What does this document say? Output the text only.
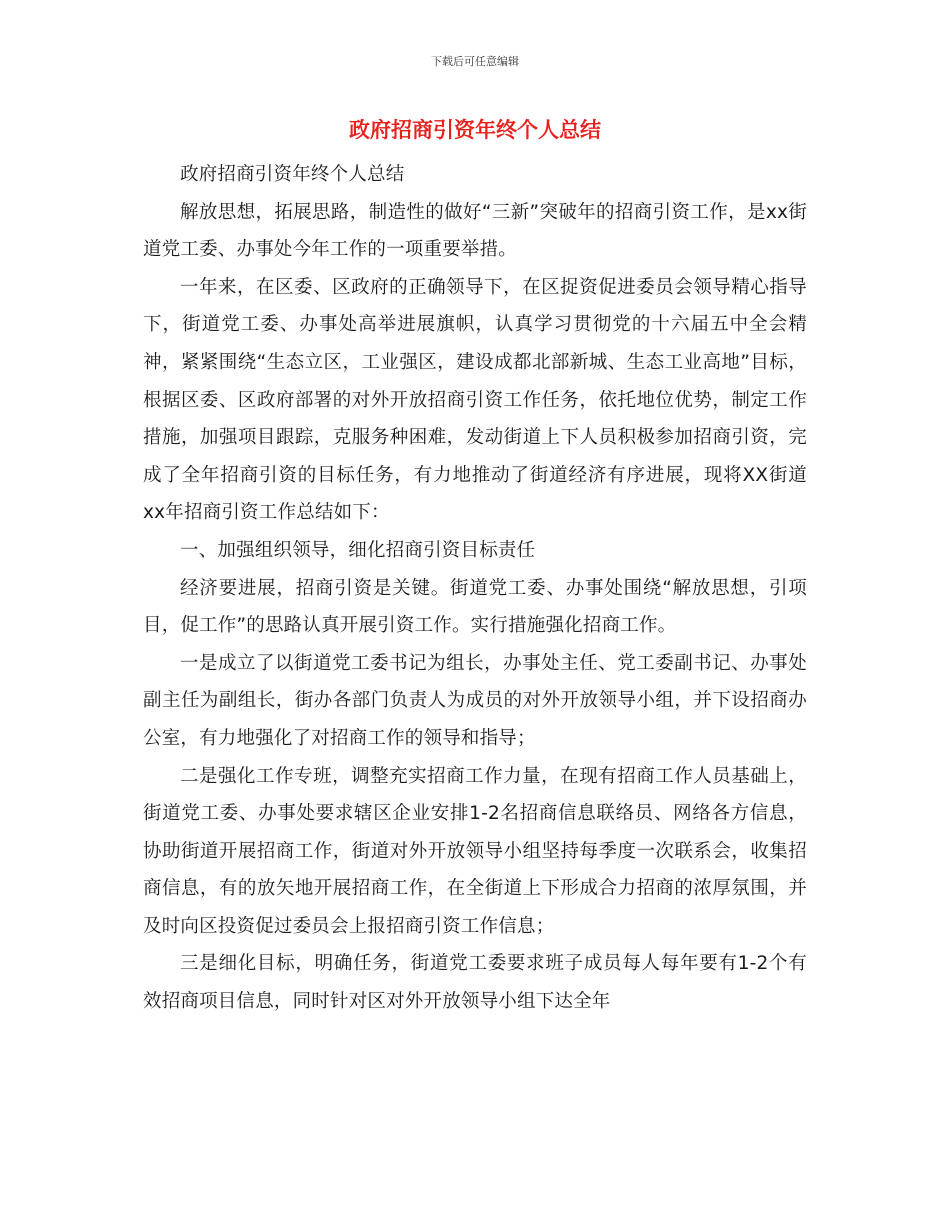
下载后可任意编辑
政府招商引资年终个人总结

政府招商引资年终个人总结

解放思想，拓展思路，制造性的做好“三新”突破年的招商引资工作，是xx街道党工委、办事处今年工作的一项重要举措。

一年来，在区委、区政府的正确领导下，在区捉资促进委员会领导精心指导下，街道党工委、办事处高举进展旗帜，认真学习贯彻党的十六届五中全会精神，紧紧围绕“生态立区，工业强区，建设成都北部新城、生态工业高地”目标，根据区委、区政府部署的对外开放招商引资工作任务，依托地位优势，制定工作措施，加强项目跟踪，克服务种困难，发动街道上下人员积极参加招商引资，完成了全年招商引资的目标任务，有力地推动了街道经济有序进展，现将XX街道xx年招商引资工作总结如下：

一、加强组织领导，细化招商引资目标责任

经济要进展，招商引资是关键。街道党工委、办事处围绕“解放思想，引项目，促工作”的思路认真开展引资工作。实行措施强化招商工作。

一是成立了以街道党工委书记为组长，办事处主任、党工委副书记、办事处副主任为副组长，街办各部门负责人为成员的对外开放领导小组，并下设招商办公室，有力地强化了对招商工作的领导和指导；

二是强化工作专班，调整充实招商工作力量，在现有招商工作人员基础上，街道党工委、办事处要求辖区企业安排1-2名招商信息联络员、网络各方信息，协助街道开展招商工作，街道对外开放领导小组坚持每季度一次联系会，收集招商信息，有的放矢地开展招商工作，在全街道上下形成合力招商的浓厚氛围，并及时向区投资促过委员会上报招商引资工作信息；

三是细化目标，明确任务，街道党工委要求班子成员每人每年要有1-2个有效招商项目信息，同时针对区对外开放领导小组下达全年
